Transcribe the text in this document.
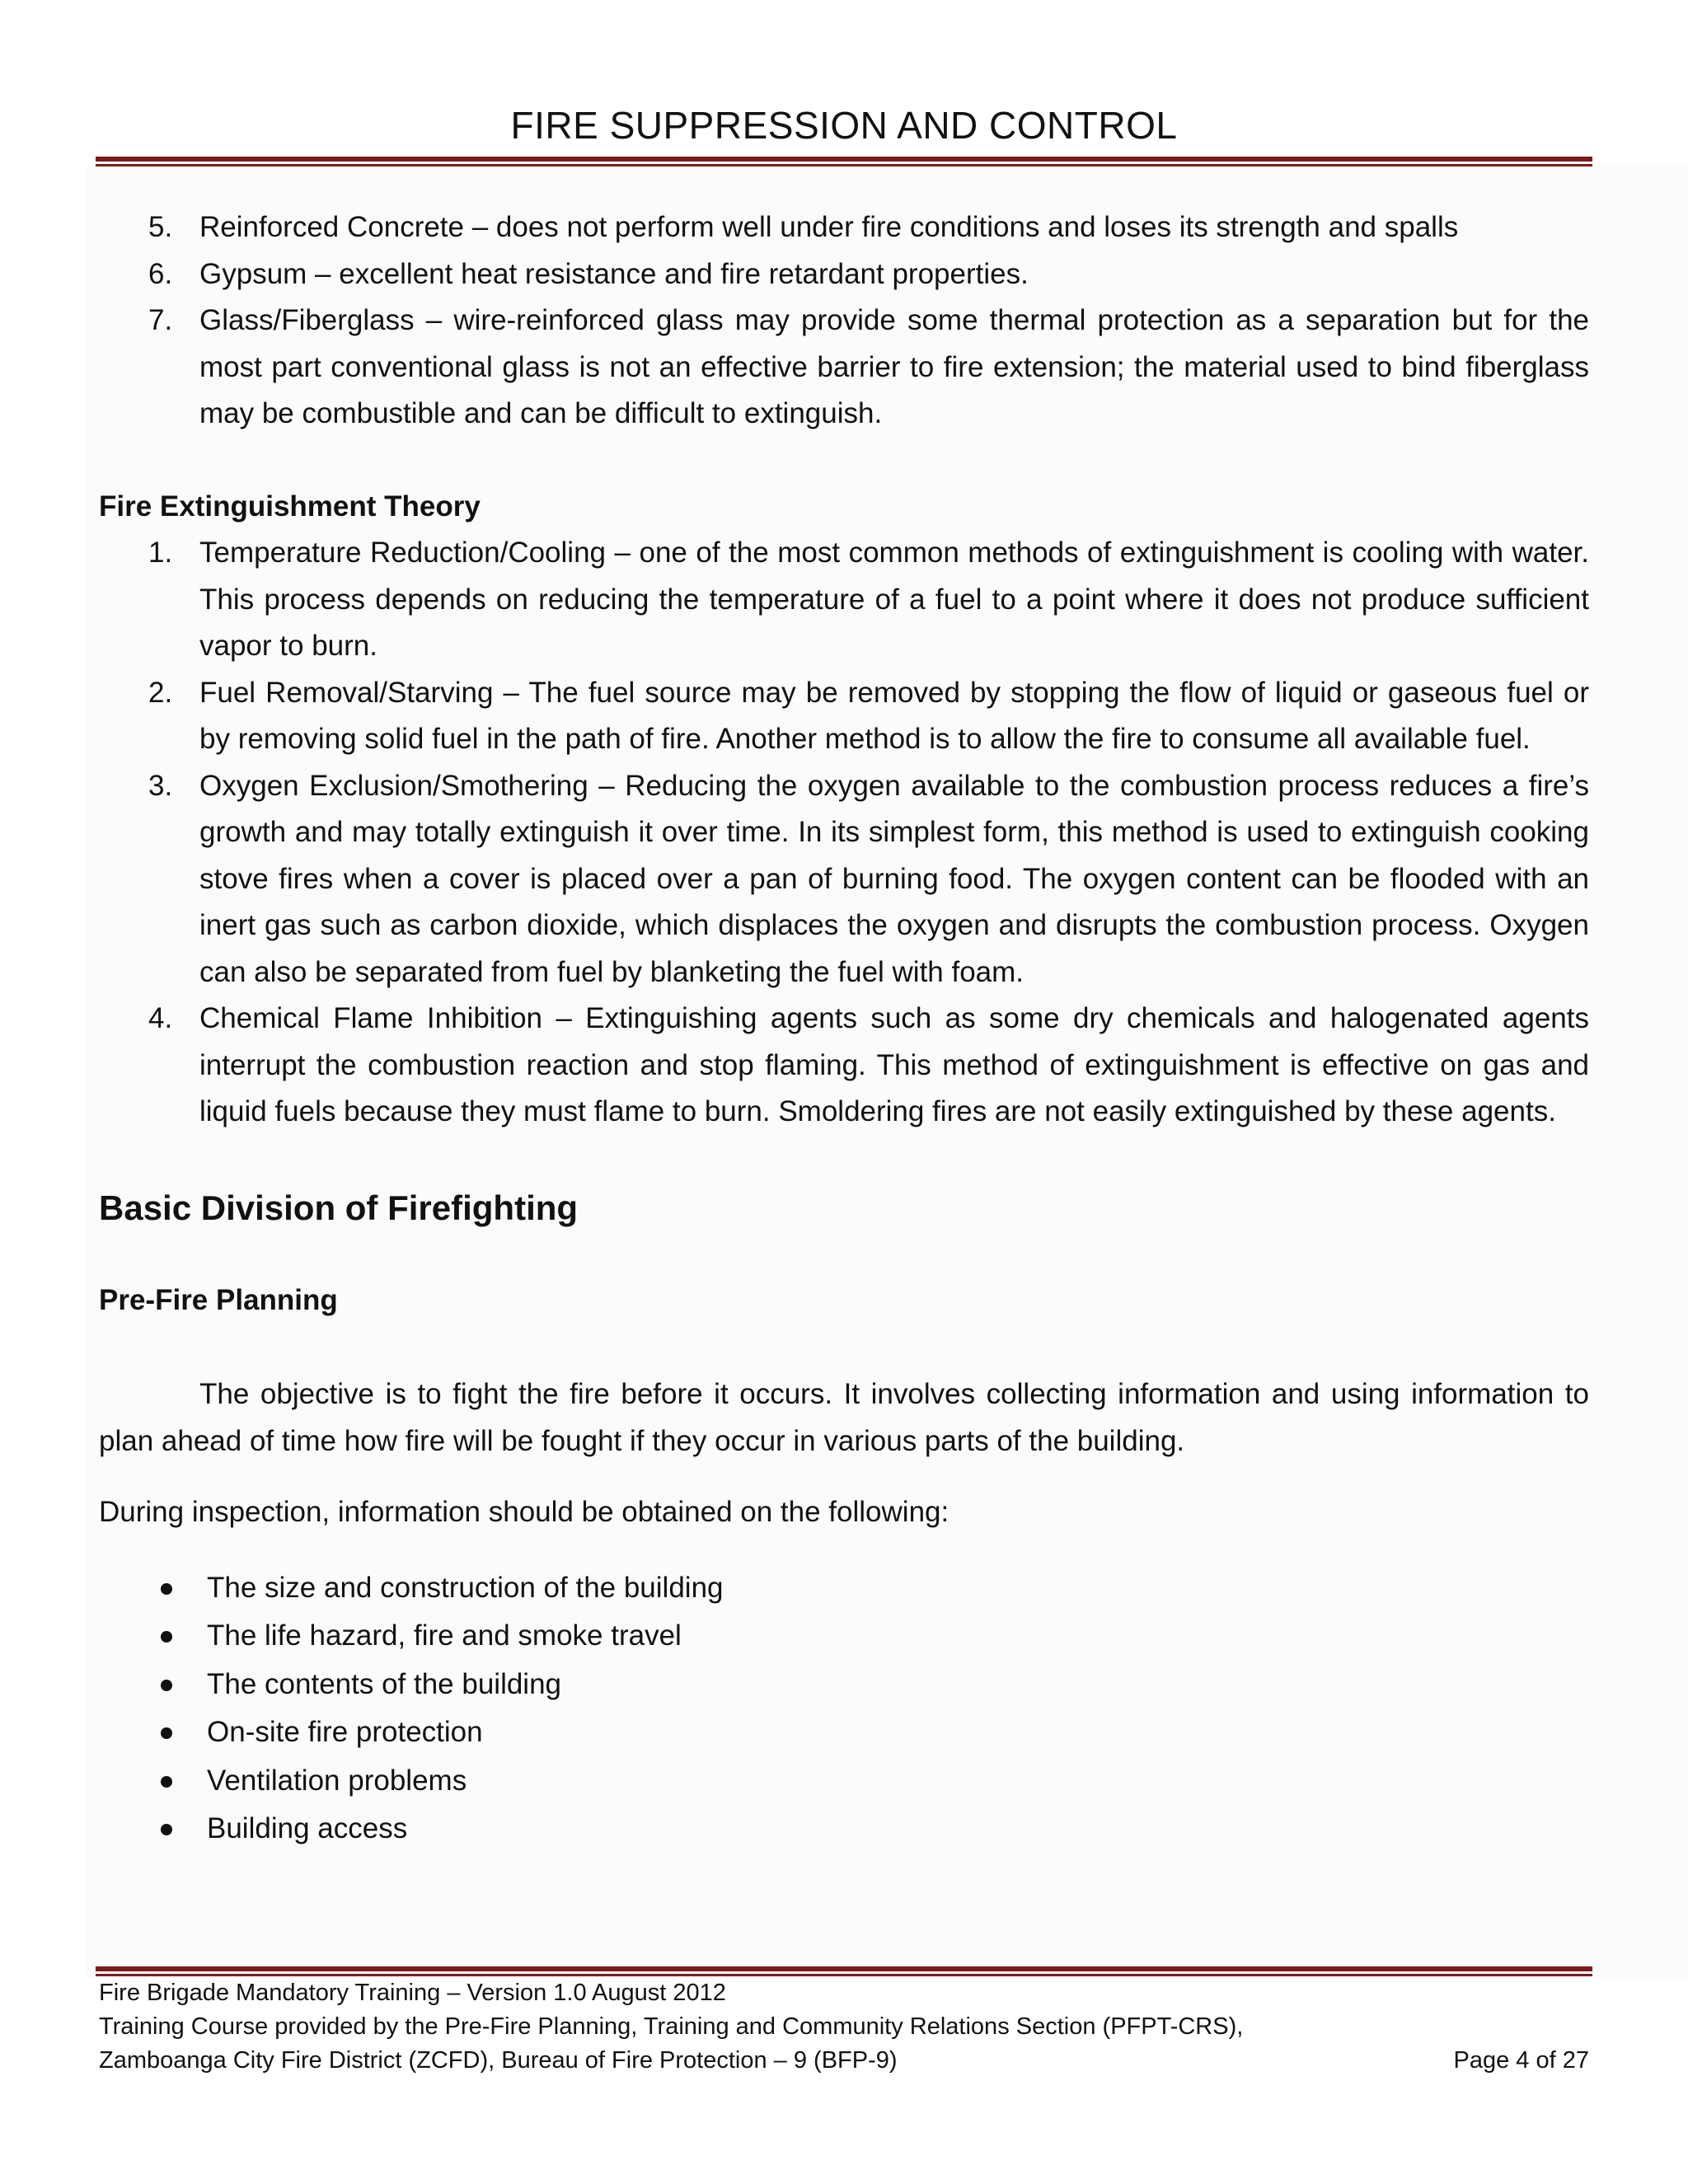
FIRE SUPPRESSION AND CONTROL
5. Reinforced Concrete – does not perform well under fire conditions and loses its strength and spalls
6. Gypsum – excellent heat resistance and fire retardant properties.
7. Glass/Fiberglass – wire-reinforced glass may provide some thermal protection as a separation but for the most part conventional glass is not an effective barrier to fire extension; the material used to bind fiberglass may be combustible and can be difficult to extinguish.

Fire Extinguishment Theory

1. Temperature Reduction/Cooling – one of the most common methods of extinguishment is cooling with water. This process depends on reducing the temperature of a fuel to a point where it does not produce sufficient vapor to burn.
2. Fuel Removal/Starving – The fuel source may be removed by stopping the flow of liquid or gaseous fuel or by removing solid fuel in the path of fire. Another method is to allow the fire to consume all available fuel.
3. Oxygen Exclusion/Smothering – Reducing the oxygen available to the combustion process reduces a fire’s growth and may totally extinguish it over time. In its simplest form, this method is used to extinguish cooking stove fires when a cover is placed over a pan of burning food. The oxygen content can be flooded with an inert gas such as carbon dioxide, which displaces the oxygen and disrupts the combustion process. Oxygen can also be separated from fuel by blanketing the fuel with foam.
4. Chemical Flame Inhibition – Extinguishing agents such as some dry chemicals and halogenated agents interrupt the combustion reaction and stop flaming. This method of extinguishment is effective on gas and liquid fuels because they must flame to burn. Smoldering fires are not easily extinguished by these agents.

Basic Division of Firefighting

Pre-Fire Planning

The objective is to fight the fire before it occurs. It involves collecting information and using information to plan ahead of time how fire will be fought if they occur in various parts of the building.

During inspection, information should be obtained on the following:

The size and construction of the building
The life hazard, fire and smoke travel
The contents of the building
On-site fire protection
Ventilation problems
Building access
Fire Brigade Mandatory Training – Version 1.0 August 2012
Training Course provided by the Pre-Fire Planning, Training and Community Relations Section (PFPT-CRS),
Zamboanga City Fire District (ZCFD), Bureau of Fire Protection – 9 (BFP-9)	Page 4 of 27
